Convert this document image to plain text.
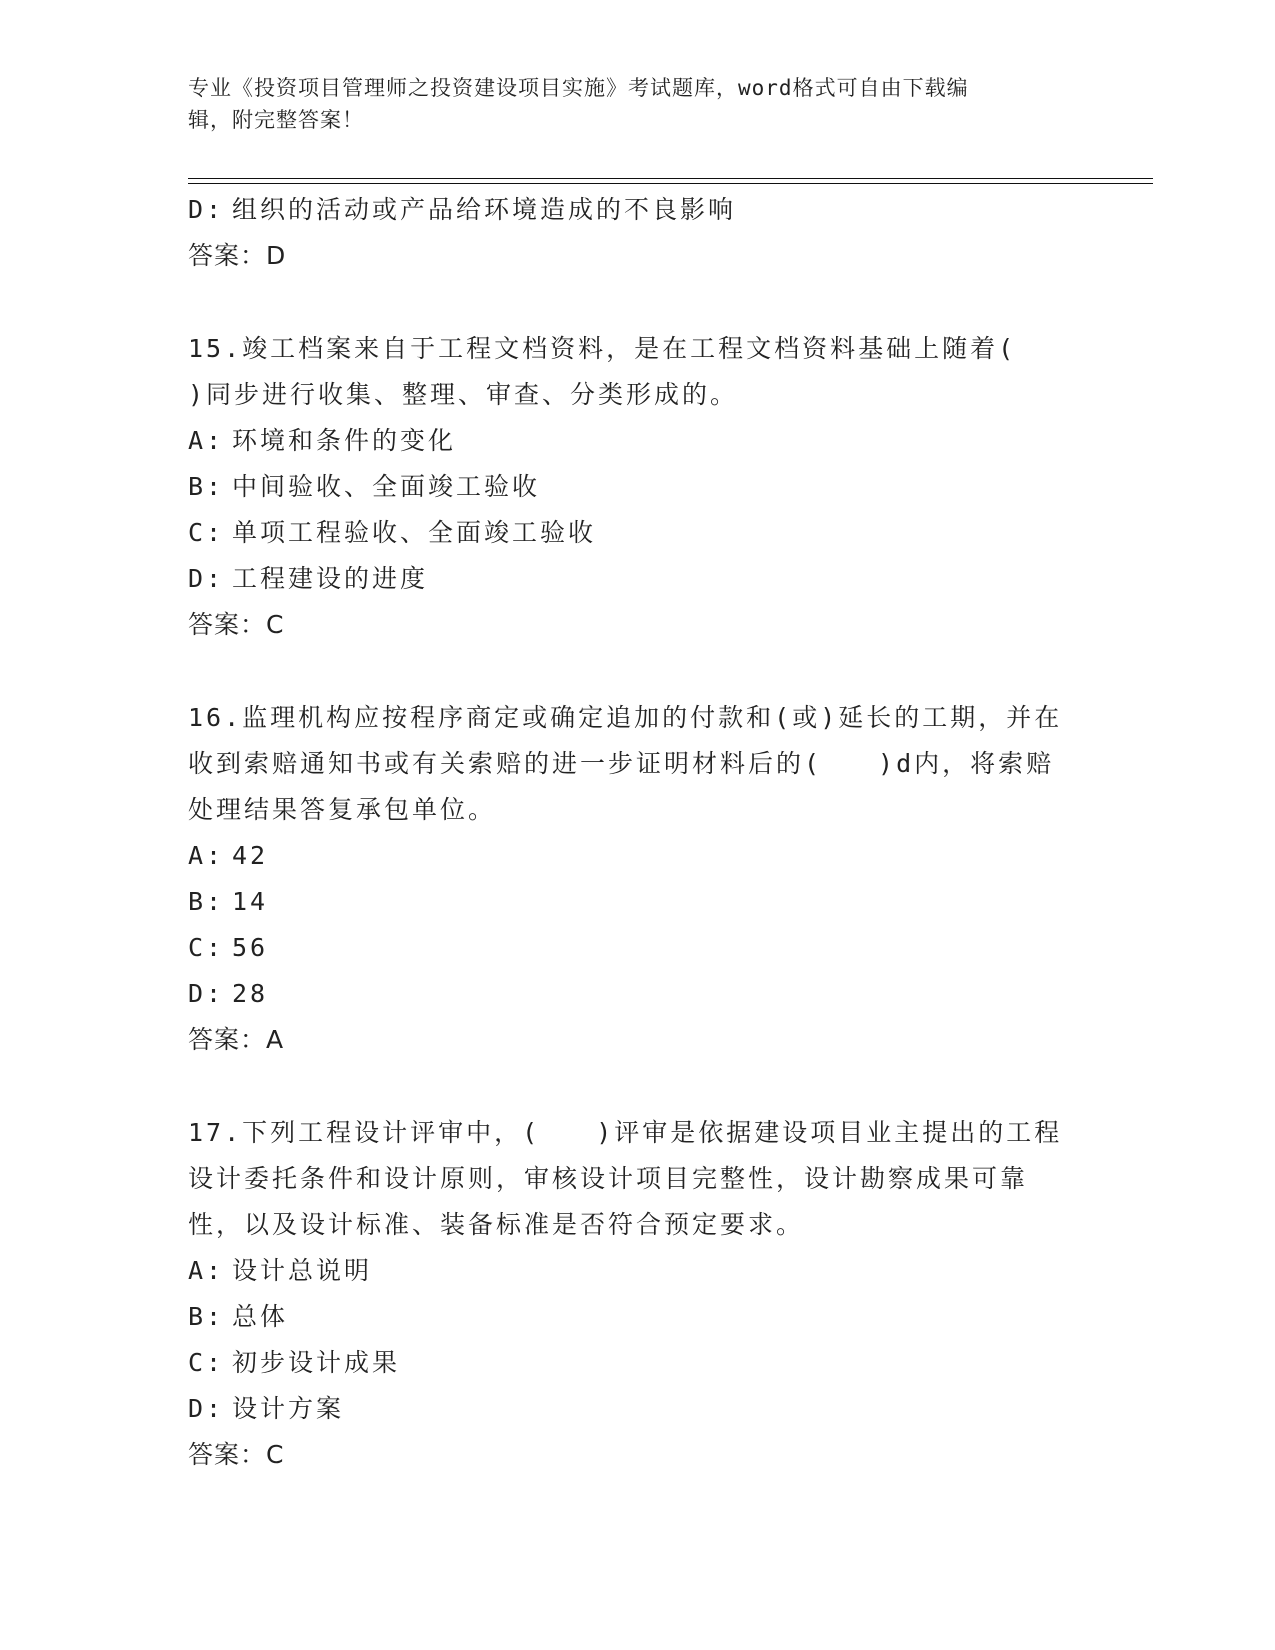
专业《投资项目管理师之投资建设项目实施》考试题库，word格式可自由下载编
辑，附完整答案！
D: 组织的活动或产品给环境造成的不良影响
答案：D
15.竣工档案来自于工程文档资料，是在工程文档资料基础上随着(
)同步进行收集、整理、审查、分类形成的。
A: 环境和条件的变化
B: 中间验收、全面竣工验收
C: 单项工程验收、全面竣工验收
D: 工程建设的进度
答案：C
16.监理机构应按程序商定或确定追加的付款和(或)延长的工期，并在
收到索赔通知书或有关索赔的进一步证明材料后的(　　)d内，将索赔
处理结果答复承包单位。
A: 42
B: 14
C: 56
D: 28
答案：A
17.下列工程设计评审中，(　　)评审是依据建设项目业主提出的工程
设计委托条件和设计原则，审核设计项目完整性，设计勘察成果可靠
性，以及设计标准、装备标准是否符合预定要求。
A: 设计总说明
B: 总体
C: 初步设计成果
D: 设计方案
答案：C
